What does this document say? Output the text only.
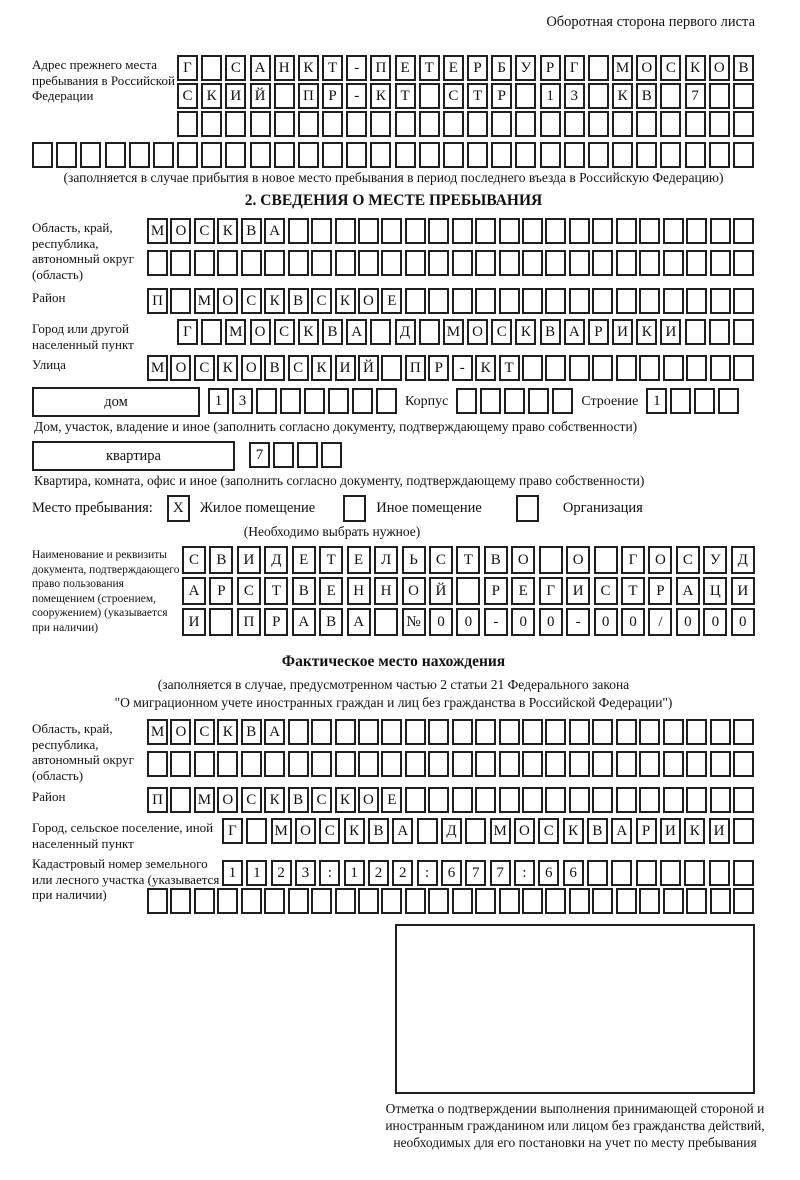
Оборотная сторона первого листа
Адрес прежнего места пребывания в Российской Федерации
Г	С А Н К Т	-	П Е	Т	Е	Р	Б У Р	Г	М О С К О В
С К И Й	П Р	-	К Т	С Т	Р	1	3	К В	7
(заполняется в случае прибытия в новое место пребывания в период последнего въезда в Российскую Федерацию)
2. СВЕДЕНИЯ О МЕСТЕ ПРЕБЫВАНИЯ
Область, край, республика, автономный округ (область)
М О С К В А
Район	П	М О С К В С К О Е
Город или другой населенный пункт
Г	М О С К В А	Д	М О С К В А Р И К И
Улица	М О С К О В С К И Й	П Р	-	К Т
дом	1	3	Корпус	Строение 1
Дом, участок, владение и иное (заполнить согласно документу, подтверждающему право собственности)
квартира	7
Квартира, комната, офис и иное (заполнить согласно документу, подтверждающему право собственности)
Место пребывания:	X	Жилое помещение	Иное помещение	Организация
(Необходимо выбрать нужное)
Наименование и реквизиты документа, подтверждающего право пользования помещением (строением, сооружением) (указывается при наличии)
С	В	И	Д	Е	Т	Е	Л	Ь	С	Т	В	О	О	Г	О	С	У	Д
А	Р	С	Т	В	Е	Н	Н	О	Й	Р	Е	Г	И	С	Т	Р	А	Ц	И
И	П	Р	А	В	А	№	0	0	-	0	0	-	0	0	/	0	0	0
Фактическое место нахождения
(заполняется в случае, предусмотренном частью 2 статьи 21 Федерального закона
"О миграционном учете иностранных граждан и лиц без гражданства в Российской Федерации")
Область, край, республика, автономный округ (область)
М О С К В А
Район	П	М О С К В С К О Е
Город, сельское поселение, иной населенный пункт
Г	М О С К В А	Д	М О С К В А Р И К И
Кадастровый номер земельного или лесного участка (указывается при наличии)
1	1	2	3	:	1	2	2	:	6	7	7	:	6	6
Отметка о подтверждении выполнения принимающей стороной и иностранным гражданином или лицом без гражданства действий, необходимых для его постановки на учет по месту пребывания
